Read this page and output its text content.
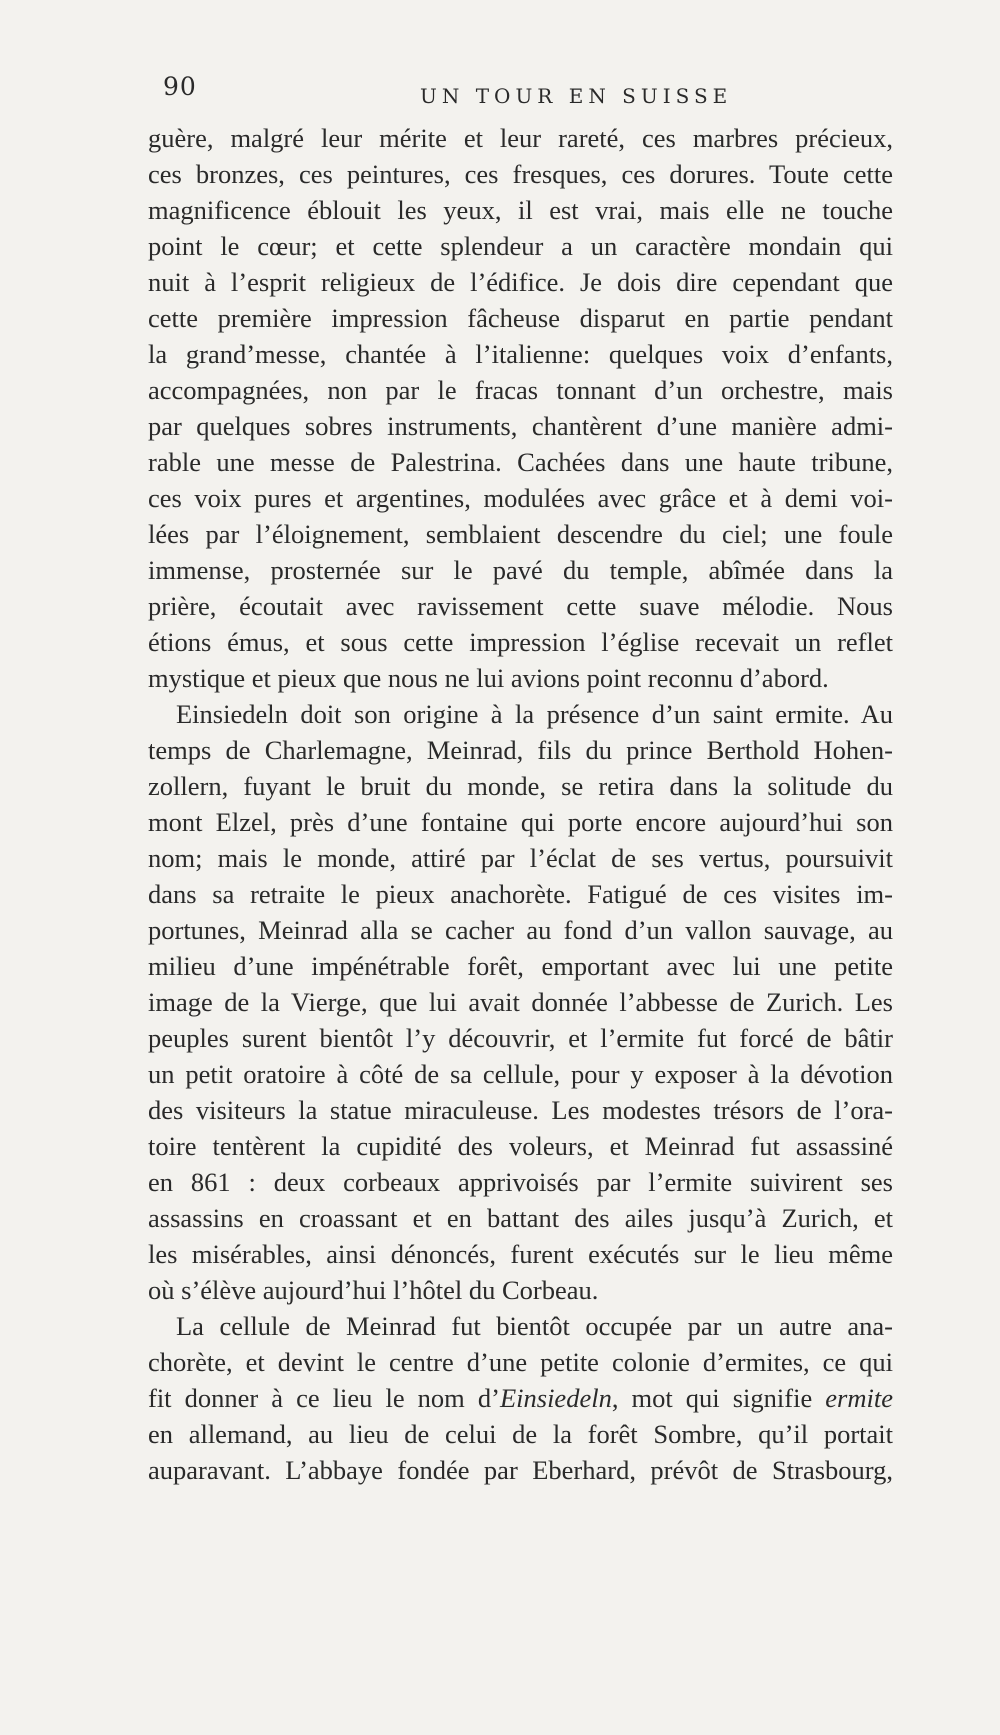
90	UN TOUR EN SUISSE
guère, malgré leur mérite et leur rareté, ces marbres précieux,
ces bronzes, ces peintures, ces fresques, ces dorures. Toute cette
magnificence éblouit les yeux, il est vrai, mais elle ne touche
point le cœur; et cette splendeur a un caractère mondain qui
nuit à l’esprit religieux de l’édifice. Je dois dire cependant que
cette première impression fâcheuse disparut en partie pendant
la grand’messe, chantée à l’italienne: quelques voix d’enfants,
accompagnées, non par le fracas tonnant d’un orchestre, mais
par quelques sobres instruments, chantèrent d’une manière admi-
rable une messe de Palestrina. Cachées dans une haute tribune,
ces voix pures et argentines, modulées avec grâce et à demi voi-
lées par l’éloignement, semblaient descendre du ciel; une foule
immense, prosternée sur le pavé du temple, abîmée dans la
prière, écoutait avec ravissement cette suave mélodie. Nous
étions émus, et sous cette impression l’église recevait un reflet
mystique et pieux que nous ne lui avions point reconnu d’abord.
Einsiedeln doit son origine à la présence d’un saint ermite. Au
temps de Charlemagne, Meinrad, fils du prince Berthold Hohen-
zollern, fuyant le bruit du monde, se retira dans la solitude du
mont Elzel, près d’une fontaine qui porte encore aujourd’hui son
nom; mais le monde, attiré par l’éclat de ses vertus, poursuivit
dans sa retraite le pieux anachorète. Fatigué de ces visites im-
portunes, Meinrad alla se cacher au fond d’un vallon sauvage, au
milieu d’une impénétrable forêt, emportant avec lui une petite
image de la Vierge, que lui avait donnée l’abbesse de Zurich. Les
peuples surent bientôt l’y découvrir, et l’ermite fut forcé de bâtir
un petit oratoire à côté de sa cellule, pour y exposer à la dévotion
des visiteurs la statue miraculeuse. Les modestes trésors de l’ora-
toire tentèrent la cupidité des voleurs, et Meinrad fut assassiné
en 861 : deux corbeaux apprivoisés par l’ermite suivirent ses
assassins en croassant et en battant des ailes jusqu’à Zurich, et
les misérables, ainsi dénoncés, furent exécutés sur le lieu même
où s’élève aujourd’hui l’hôtel du Corbeau.
La cellule de Meinrad fut bientôt occupée par un autre ana-
chorète, et devint le centre d’une petite colonie d’ermites, ce qui
fit donner à ce lieu le nom d’Einsiedeln, mot qui signifie ermite
en allemand, au lieu de celui de la forêt Sombre, qu’il portait
auparavant. L’abbaye fondée par Eberhard, prévôt de Strasbourg,
